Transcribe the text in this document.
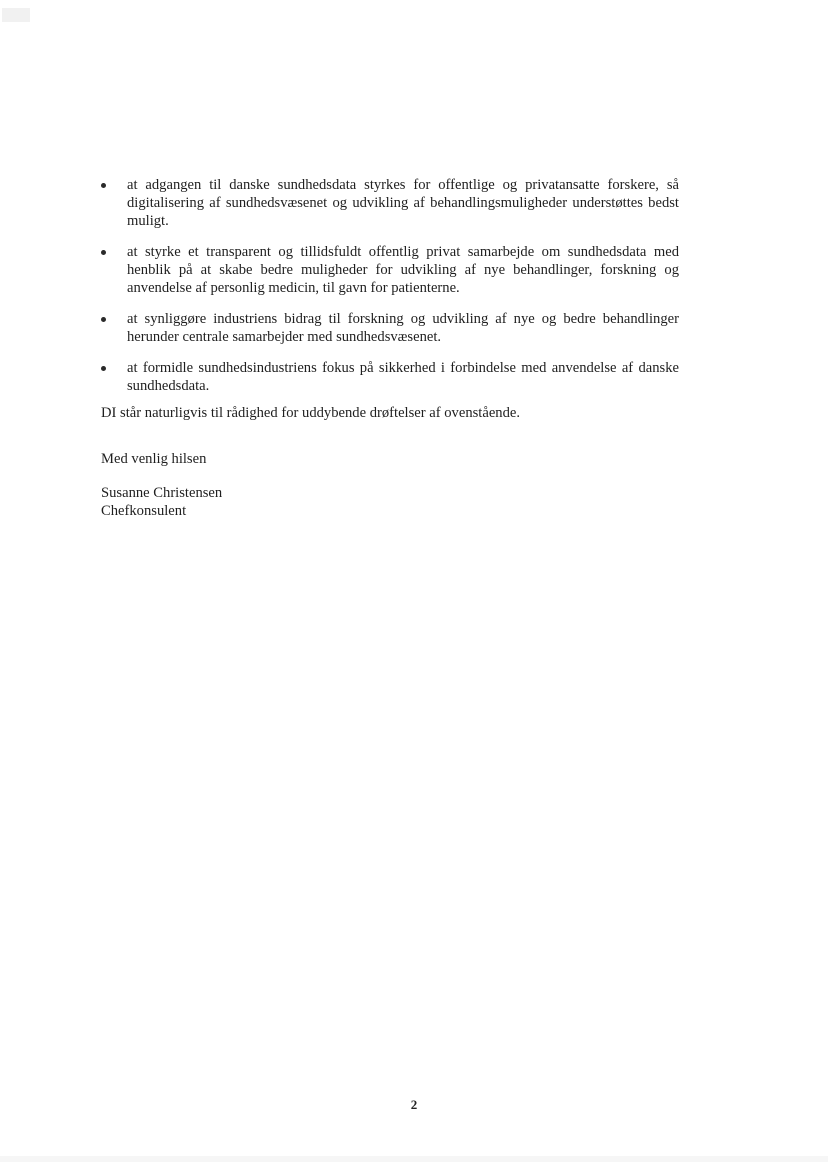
at adgangen til danske sundhedsdata styrkes for offentlige og privatansatte forskere, så digitalisering af sundhedsvæsenet og udvikling af behandlingsmuligheder understøttes bedst muligt.
at styrke et transparent og tillidsfuldt offentlig privat samarbejde om sundhedsdata med henblik på at skabe bedre muligheder for udvikling af nye behandlinger, forskning og anvendelse af personlig medicin, til gavn for patienterne.
at synliggøre industriens bidrag til forskning og udvikling af nye og bedre behandlinger herunder centrale samarbejder med sundhedsvæsenet.
at formidle sundhedsindustriens fokus på sikkerhed i forbindelse med anvendelse af danske sundhedsdata.

DI står naturligvis til rådighed for uddybende drøftelser af ovenstående.

Med venlig hilsen

Susanne Christensen
Chefkonsulent
2
